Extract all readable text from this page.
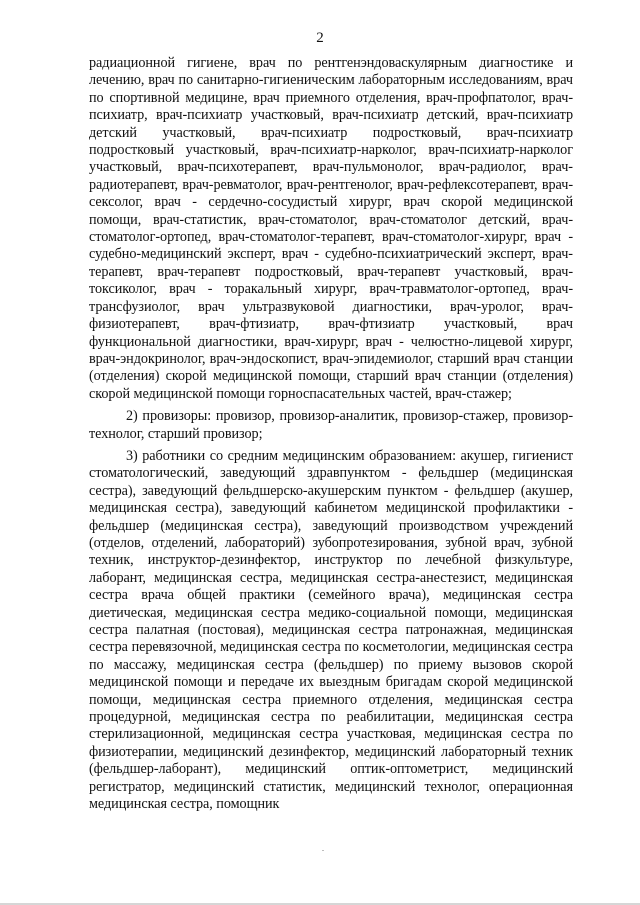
2

радиационной гигиене, врач по рентгенэндоваскулярным диагностике и лечению, врач по санитарно-гигиеническим лабораторным исследованиям, врач по спортивной медицине, врач приемного отделения, врач-профпатолог, врач-психиатр, врач-психиатр участковый, врач-психиатр детский, врач-психиатр детский участковый, врач-психиатр подростковый, врач-психиатр подростковый участковый, врач-психиатр-нарколог, врач-психиатр-нарколог участковый, врач-психотерапевт, врач-пульмонолог, врач-радиолог, врач-радиотерапевт, врач-ревматолог, врач-рентгенолог, врач-рефлексотерапевт, врач-сексолог, врач - сердечно-сосудистый хирург, врач скорой медицинской помощи, врач-статистик, врач-стоматолог, врач-стоматолог детский, врач-стоматолог-ортопед, врач-стоматолог-терапевт, врач-стоматолог-хирург, врач - судебно-медицинский эксперт, врач - судебно-психиатрический эксперт, врач-терапевт, врач-терапевт подростковый, врач-терапевт участковый, врач-токсиколог, врач - торакальный хирург, врач-травматолог-ортопед, врач-трансфузиолог, врач ультразвуковой диагностики, врач-уролог, врач-физиотерапевт, врач-фтизиатр, врач-фтизиатр участковый, врач функциональной диагностики, врач-хирург, врач - челюстно-лицевой хирург, врач-эндокринолог, врач-эндоскопист, врач-эпидемиолог, старший врач станции (отделения) скорой медицинской помощи, старший врач станции (отделения) скорой медицинской помощи горноспасательных частей, врач-стажер;

2) провизоры: провизор, провизор-аналитик, провизор-стажер, провизор-технолог, старший провизор;

3) работники со средним медицинским образованием: акушер, гигиенист стоматологический, заведующий здравпунктом - фельдшер (медицинская сестра), заведующий фельдшерско-акушерским пунктом - фельдшер (акушер, медицинская сестра), заведующий кабинетом медицинской профилактики - фельдшер (медицинская сестра), заведующий производством учреждений (отделов, отделений, лабораторий) зубопротезирования, зубной врач, зубной техник, инструктор-дезинфектор, инструктор по лечебной физкультуре, лаборант, медицинская сестра, медицинская сестра-анестезист, медицинская сестра врача общей практики (семейного врача), медицинская сестра диетическая, медицинская сестра медико-социальной помощи, медицинская сестра палатная (постовая), медицинская сестра патронажная, медицинская сестра перевязочной, медицинская сестра по косметологии, медицинская сестра по массажу, медицинская сестра (фельдшер) по приему вызовов скорой медицинской помощи и передаче их выездным бригадам скорой медицинской помощи, медицинская сестра приемного отделения, медицинская сестра процедурной, медицинская сестра по реабилитации, медицинская сестра стерилизационной, медицинская сестра участковая, медицинская сестра по физиотерапии, медицинский дезинфектор, медицинский лабораторный техник (фельдшер-лаборант), медицинский оптик-оптометрист, медицинский регистратор, медицинский статистик, медицинский технолог, операционная медицинская сестра, помощник
